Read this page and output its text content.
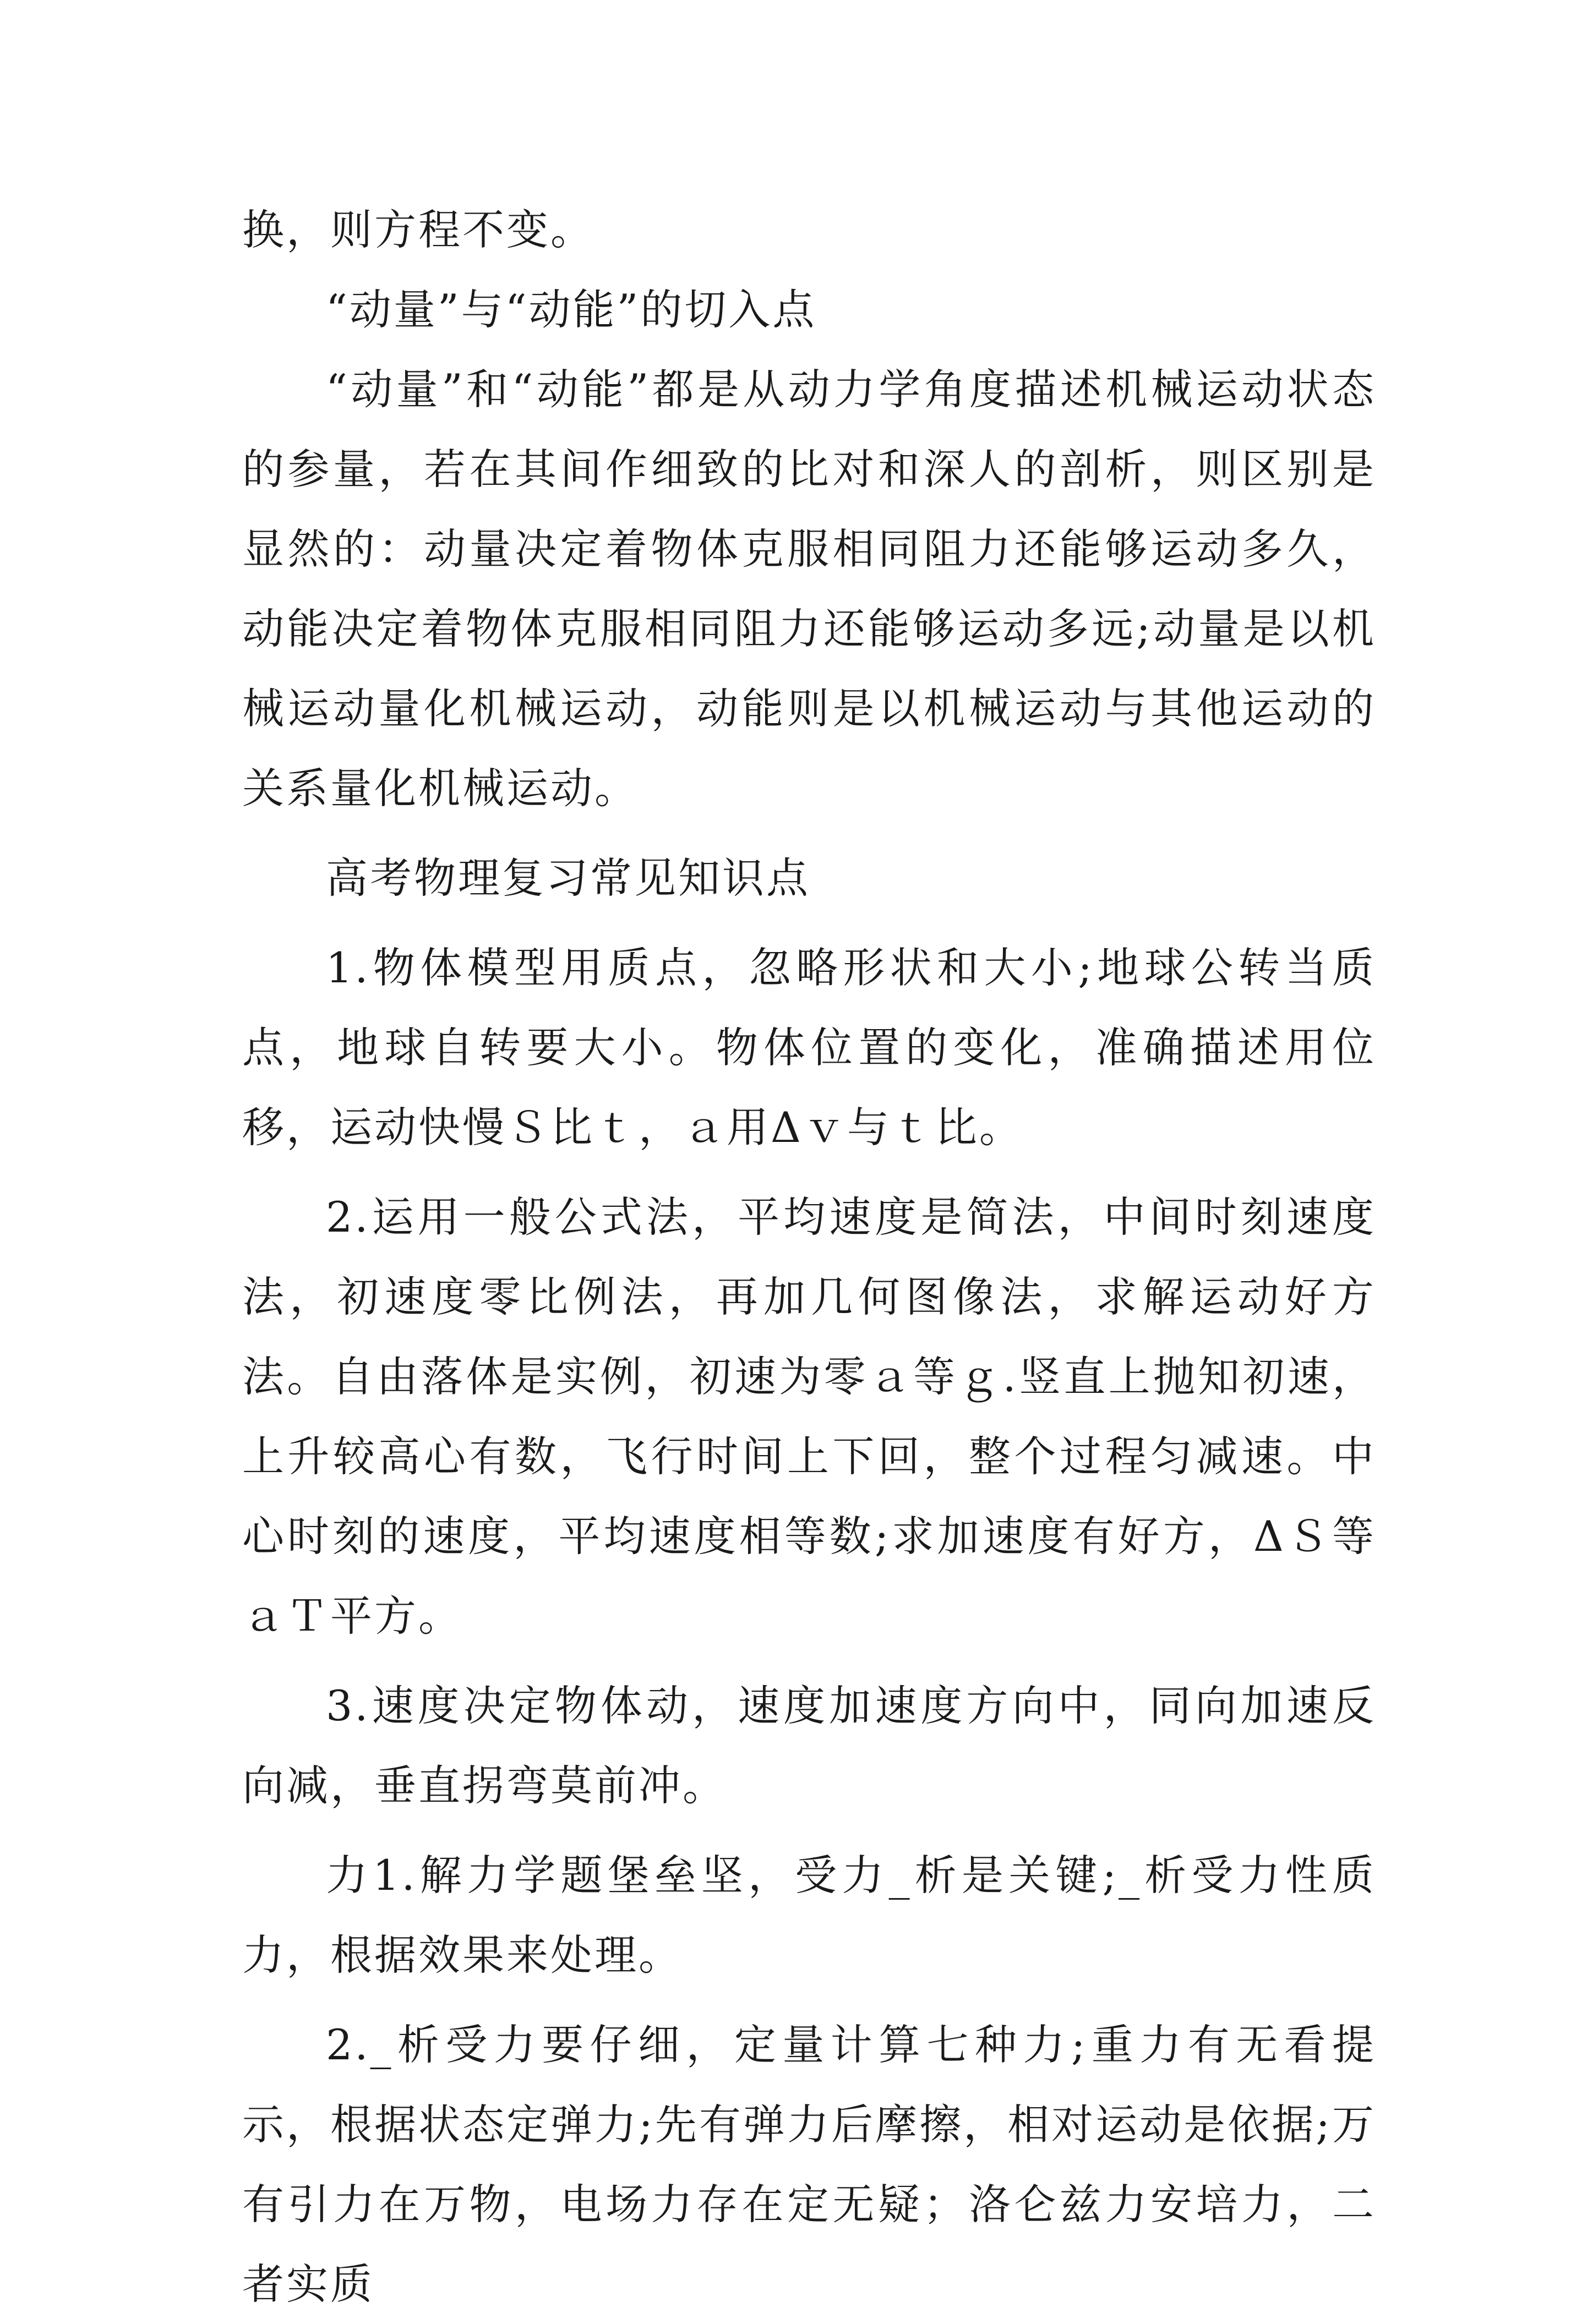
换，则方程不变。

“动量”与“动能”的切入点

“动量”和“动能”都是从动力学角度描述机械运动状态的参量，若在其间作细致的比对和深人的剖析，则区别是显然的：动量决定着物体克服相同阻力还能够运动多久，动能决定着物体克服相同阻力还能够运动多远;动量是以机械运动量化机械运动，动能则是以机械运动与其他运动的关系量化机械运动。

高考物理复习常见知识点

1.物体模型用质点，忽略形状和大小;地球公转当质点，地球自转要大小。物体位置的变化，准确描述用位移，运动快慢Ｓ比ｔ，ａ用Δｖ与ｔ比。

2.运用一般公式法，平均速度是简法，中间时刻速度法，初速度零比例法，再加几何图像法，求解运动好方法。自由落体是实例，初速为零ａ等ｇ.竖直上抛知初速，上升较高心有数，飞行时间上下回，整个过程匀减速。中心时刻的速度，平均速度相等数;求加速度有好方，ΔＳ等ａＴ平方。

3.速度决定物体动，速度加速度方向中，同向加速反向减，垂直拐弯莫前冲。

力1.解力学题堡垒坚，受力_析是关键;_析受力性质力，根据效果来处理。

2._析受力要仔细，定量计算七种力;重力有无看提示，根据状态定弹力;先有弹力后摩擦，相对运动是依据;万有引力在万物，电场力存在定无疑；洛仑兹力安培力，二者实质
